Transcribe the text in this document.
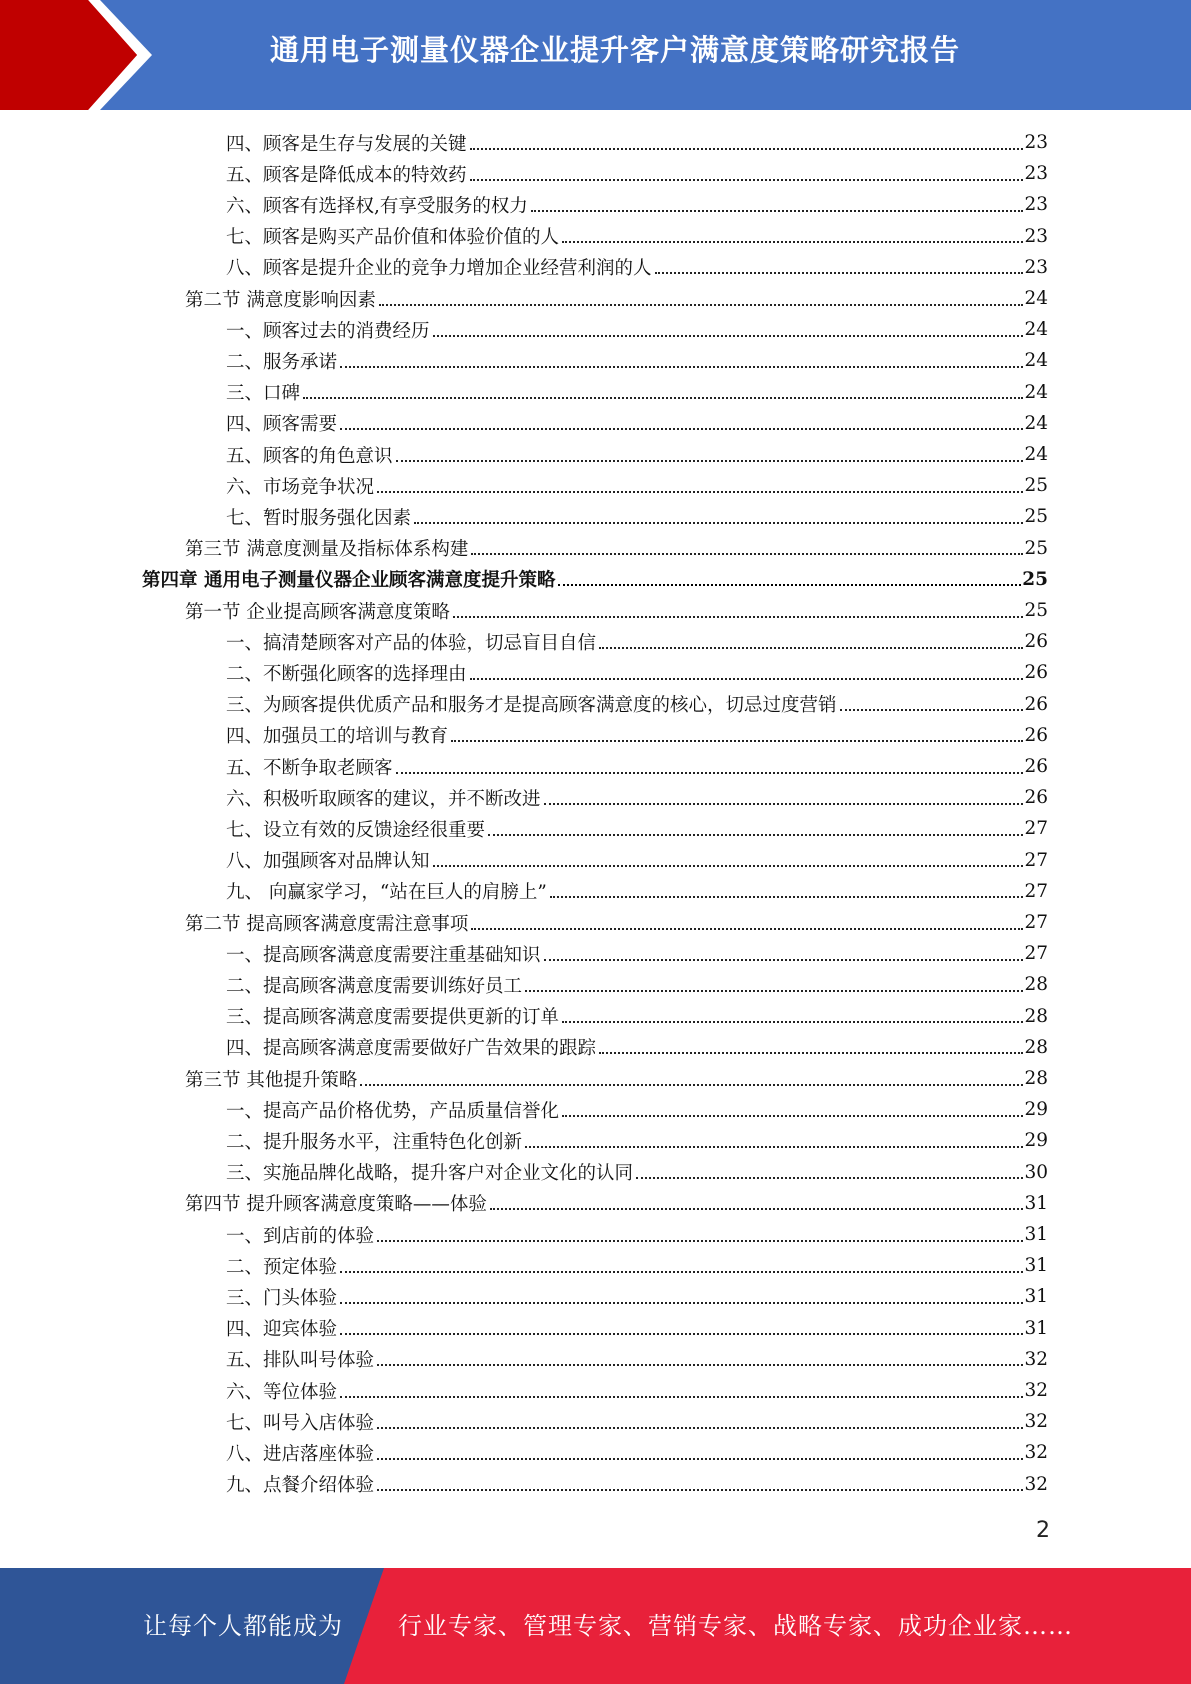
通用电子测量仪器企业提升客户满意度策略研究报告
四、顾客是生存与发展的关键	23
五、顾客是降低成本的特效药	23
六、顾客有选择权,有享受服务的权力	23
七、顾客是购买产品价值和体验价值的人	23
八、顾客是提升企业的竞争力增加企业经营利润的人	23
第二节 满意度影响因素	24
一、顾客过去的消费经历	24
二、服务承诺	24
三、口碑	24
四、顾客需要	24
五、顾客的角色意识	24
六、市场竞争状况	25
七、暂时服务强化因素	25
第三节 满意度测量及指标体系构建	25
第四章 通用电子测量仪器企业顾客满意度提升策略	25
第一节 企业提高顾客满意度策略	25
一、搞清楚顾客对产品的体验，切忌盲目自信	26
二、不断强化顾客的选择理由	26
三、为顾客提供优质产品和服务才是提高顾客满意度的核心，切忌过度营销	26
四、加强员工的培训与教育	26
五、不断争取老顾客	26
六、积极听取顾客的建议，并不断改进	26
七、设立有效的反馈途经很重要	27
八、加强顾客对品牌认知	27
九、 向赢家学习，“站在巨人的肩膀上”	27
第二节 提高顾客满意度需注意事项	27
一、提高顾客满意度需要注重基础知识	27
二、提高顾客满意度需要训练好员工	28
三、提高顾客满意度需要提供更新的订单	28
四、提高顾客满意度需要做好广告效果的跟踪	28
第三节 其他提升策略	28
一、提高产品价格优势，产品质量信誉化	29
二、提升服务水平，注重特色化创新	29
三、实施品牌化战略，提升客户对企业文化的认同	30
第四节 提升顾客满意度策略——体验	31
一、到店前的体验	31
二、预定体验	31
三、门头体验	31
四、迎宾体验	31
五、排队叫号体验	32
六、等位体验	32
七、叫号入店体验	32
八、进店落座体验	32
九、点餐介绍体验	32
2
让每个人都能成为 行业专家、管理专家、营销专家、战略专家、成功企业家……
